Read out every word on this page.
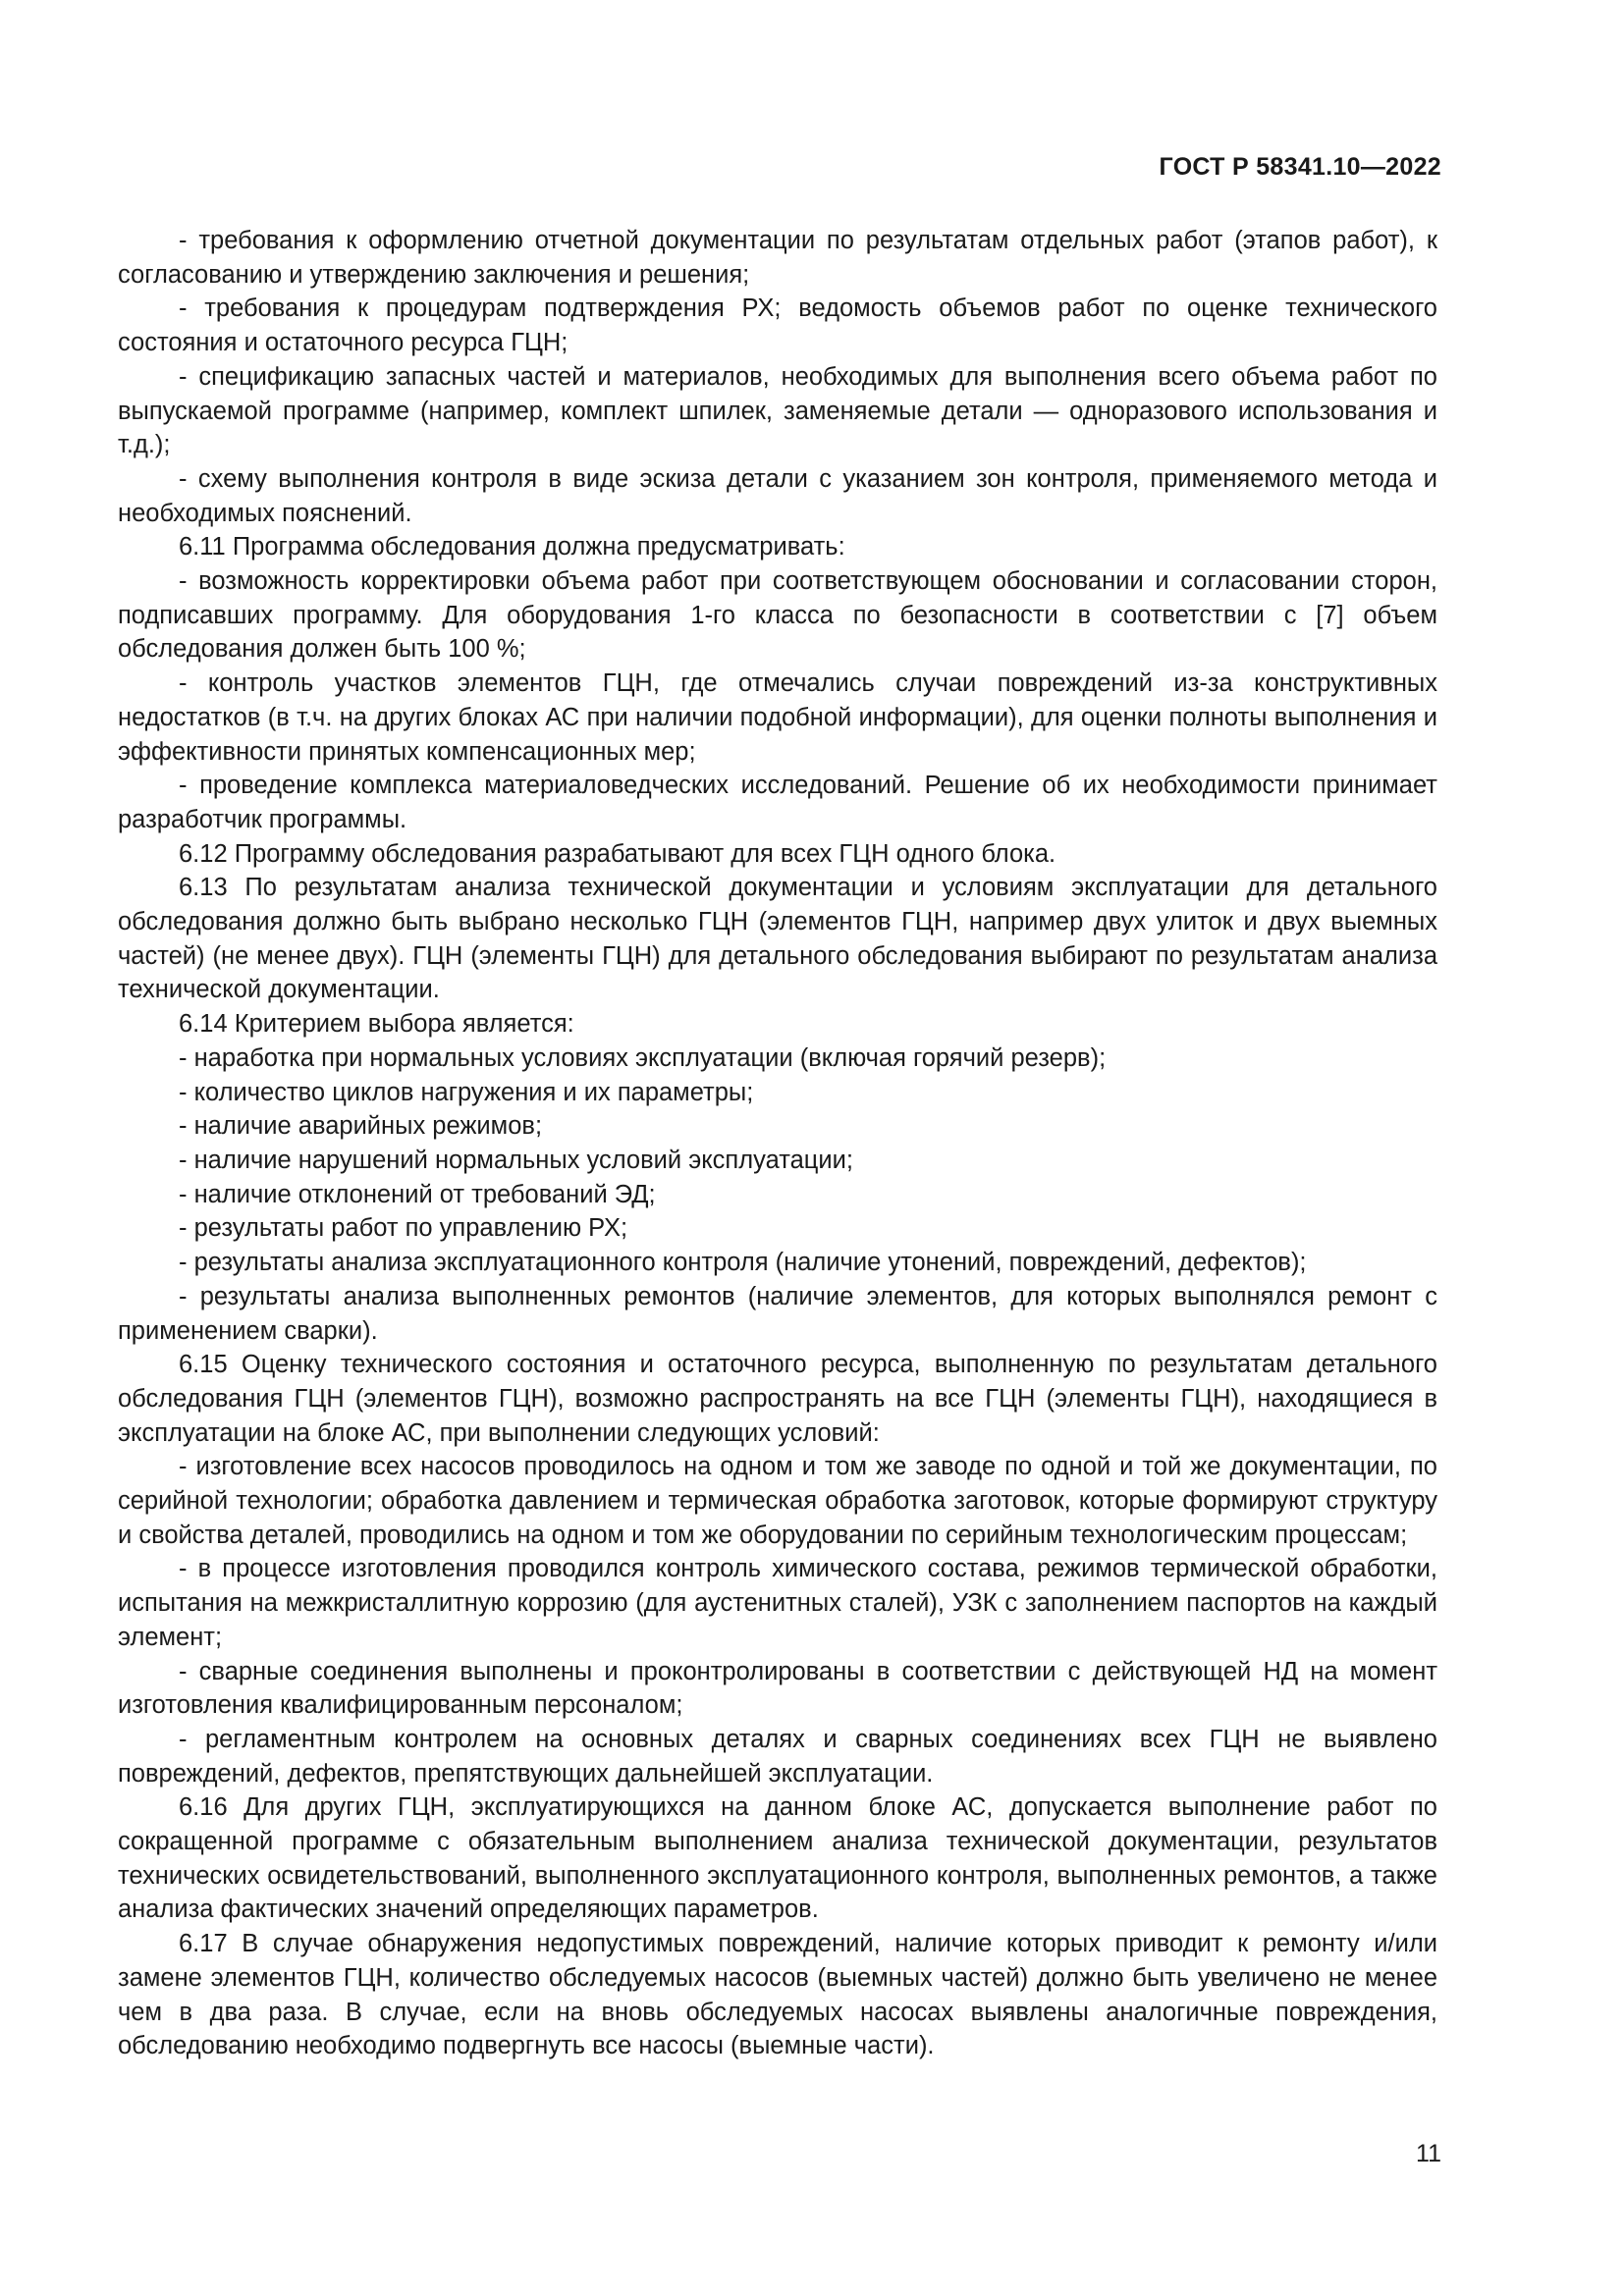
ГОСТ Р 58341.10—2022

- требования к оформлению отчетной документации по результатам отдельных работ (этапов работ), к согласованию и утверждению заключения и решения;

- требования к процедурам подтверждения РХ; ведомость объемов работ по оценке технического состояния и остаточного ресурса ГЦН;

- спецификацию запасных частей и материалов, необходимых для выполнения всего объема работ по выпускаемой программе (например, комплект шпилек, заменяемые детали — одноразового использования и т.д.);

- схему выполнения контроля в виде эскиза детали с указанием зон контроля, применяемого метода и необходимых пояснений.

6.11 Программа обследования должна предусматривать:

- возможность корректировки объема работ при соответствующем обосновании и согласовании сторон, подписавших программу. Для оборудования 1-го класса по безопасности в соответствии с [7] объем обследования должен быть 100 %;

- контроль участков элементов ГЦН, где отмечались случаи повреждений из-за конструктивных недостатков (в т.ч. на других блоках АС при наличии подобной информации), для оценки полноты выполнения и эффективности принятых компенсационных мер;

- проведение комплекса материаловедческих исследований. Решение об их необходимости принимает разработчик программы.

6.12 Программу обследования разрабатывают для всех ГЦН одного блока.

6.13 По результатам анализа технической документации и условиям эксплуатации для детального обследования должно быть выбрано несколько ГЦН (элементов ГЦН, например двух улиток и двух выемных частей) (не менее двух). ГЦН (элементы ГЦН) для детального обследования выбирают по результатам анализа технической документации.

6.14 Критерием выбора является:

- наработка при нормальных условиях эксплуатации (включая горячий резерв);

- количество циклов нагружения и их параметры;

- наличие аварийных режимов;

- наличие нарушений нормальных условий эксплуатации;

- наличие отклонений от требований ЭД;

- результаты работ по управлению РХ;

- результаты анализа эксплуатационного контроля (наличие утонений, повреждений, дефектов);

- результаты анализа выполненных ремонтов (наличие элементов, для которых выполнялся ремонт с применением сварки).

6.15 Оценку технического состояния и остаточного ресурса, выполненную по результатам детального обследования ГЦН (элементов ГЦН), возможно распространять на все ГЦН (элементы ГЦН), находящиеся в эксплуатации на блоке АС, при выполнении следующих условий:

- изготовление всех насосов проводилось на одном и том же заводе по одной и той же документации, по серийной технологии; обработка давлением и термическая обработка заготовок, которые формируют структуру и свойства деталей, проводились на одном и том же оборудовании по серийным технологическим процессам;

- в процессе изготовления проводился контроль химического состава, режимов термической обработки, испытания на межкристаллитную коррозию (для аустенитных сталей), УЗК с заполнением паспортов на каждый элемент;

- сварные соединения выполнены и проконтролированы в соответствии с действующей НД на момент изготовления квалифицированным персоналом;

- регламентным контролем на основных деталях и сварных соединениях всех ГЦН не выявлено повреждений, дефектов, препятствующих дальнейшей эксплуатации.

6.16 Для других ГЦН, эксплуатирующихся на данном блоке АС, допускается выполнение работ по сокращенной программе с обязательным выполнением анализа технической документации, результатов технических освидетельствований, выполненного эксплуатационного контроля, выполненных ремонтов, а также анализа фактических значений определяющих параметров.

6.17 В случае обнаружения недопустимых повреждений, наличие которых приводит к ремонту и/или замене элементов ГЦН, количество обследуемых насосов (выемных частей) должно быть увеличено не менее чем в два раза. В случае, если на вновь обследуемых насосах выявлены аналогичные повреждения, обследованию необходимо подвергнуть все насосы (выемные части).

11
